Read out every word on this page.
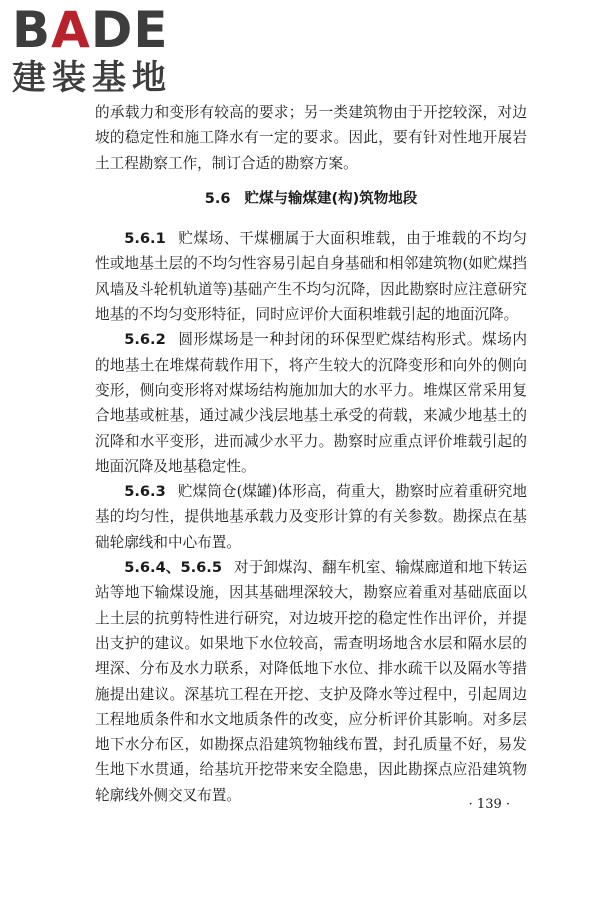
BADE
建装基地

的承载力和变形有较高的要求；另一类建筑物由于开挖较深，对边坡的稳定性和施工降水有一定的要求。因此，要有针对性地开展岩土工程勘察工作，制订合适的勘察方案。

5.6 贮煤与输煤建(构)筑物地段

5.6.1 贮煤场、干煤棚属于大面积堆载，由于堆载的不均匀性或地基土层的不均匀性容易引起自身基础和相邻建筑物(如贮煤挡风墙及斗轮机轨道等)基础产生不均匀沉降，因此勘察时应注意研究地基的不均匀变形特征，同时应评价大面积堆载引起的地面沉降。

5.6.2 圆形煤场是一种封闭的环保型贮煤结构形式。煤场内的地基土在堆煤荷载作用下，将产生较大的沉降变形和向外的侧向变形，侧向变形将对煤场结构施加加大的水平力。堆煤区常采用复合地基或桩基，通过减少浅层地基土承受的荷载，来减少地基土的沉降和水平变形，进而减少水平力。勘察时应重点评价堆载引起的地面沉降及地基稳定性。

5.6.3 贮煤筒仓(煤罐)体形高，荷重大，勘察时应着重研究地基的均匀性，提供地基承载力及变形计算的有关参数。勘探点在基础轮廓线和中心布置。

5.6.4、5.6.5 对于卸煤沟、翻车机室、输煤廊道和地下转运站等地下输煤设施，因其基础埋深较大，勘察应着重对基础底面以上土层的抗剪特性进行研究，对边坡开挖的稳定性作出评价，并提出支护的建议。如果地下水位较高，需查明场地含水层和隔水层的埋深、分布及水力联系，对降低地下水位、排水疏干以及隔水等措施提出建议。深基坑工程在开挖、支护及降水等过程中，引起周边工程地质条件和水文地质条件的改变，应分析评价其影响。对多层地下水分布区，如勘探点沿建筑物轴线布置，封孔质量不好，易发生地下水贯通，给基坑开挖带来安全隐患，因此勘探点应沿建筑物轮廓线外侧交叉布置。

· 139 ·
